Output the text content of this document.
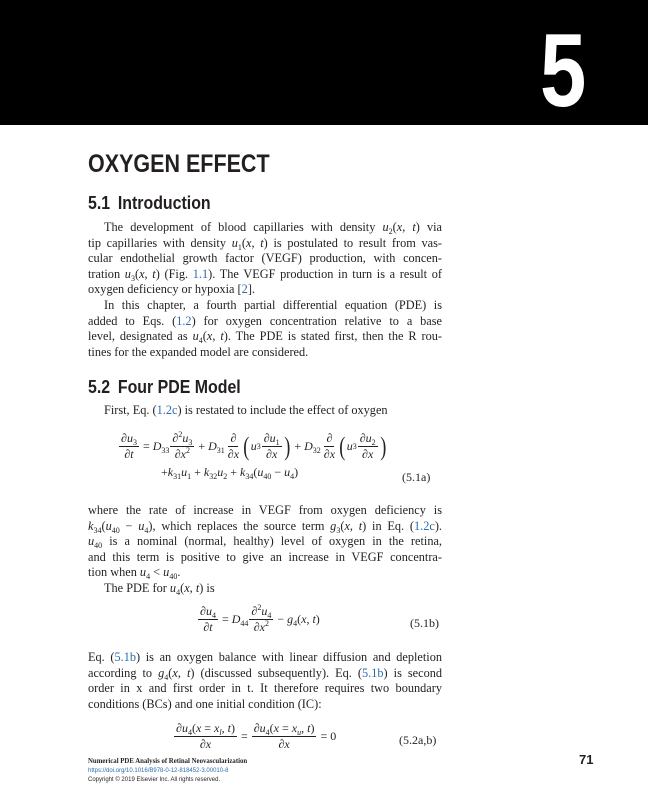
5
OXYGEN EFFECT
5.1 Introduction
The development of blood capillaries with density $u_2(x$, t) via
tip capillaries with density $u_1(x$, t) is postulated to result from vas-
cular endothelial growth factor (VEGF) production, with concen-
tration $u_3(x$, t) (Fig. 1.1). The VEGF production in turn is a result of
oxygen deficiency or hypoxia [2].
In this chapter, a fourth partial differential equation (PDE) is
added to Eqs. (1.2) for oxygen concentration relative to a base
level, designated as $u_4(x$, t). The PDE is stated first, then the R rou-
tines for the expanded model are considered.
5.2 Four PDE Model
First, Eq. (1.2c) is restated to include the effect of oxygen
$\frac{\partial u_3}{\partial t} = D_{33} \frac{\partial^2u_3}{\partial x^2} + D_{31} \frac{\partial}{\partial x}$ ( u $3 \frac{\partial u_1}{\partial x}$ ) + $D_{32} \frac{\partial}{\partial x}$ ( u $3 \frac{\partial u_2}{\partial x}$ )
$+k_{31}u_1 + k_{32}u_2 + k_{34}(u_{40} - u_4)$	(5.1a)
where the rate of increase in VEGF from oxygen deficiency is
$k_{34}(u_{40} - u_4)$, which replaces the source term $g_3(x$, t) in Eq. (1.2c).
$u_{40}$ is a nominal (normal, healthy) level of oxygen in the retina,
and this term is positive to give an increase in VEGF concentra-
tion when $u_4 < u_{40}$.
The PDE for $u_4(x$, t) is
$\frac{\partial u_4}{\partial t} = D_{44} \frac{\partial^2u_4}{\partial x^2} - g_4(x$, t)	(5.1b)
Eq. (5.1b) is an oxygen balance with linear diffusion and depletion
according to $g_4(x$, t) (discussed subsequently). Eq. (5.1b) is second
order in x and first order in t. It therefore requires two boundary
conditions (BCs) and one initial condition (IC):
$\frac{\partial u_4(x = x_l, t)}{\partial x} = \frac{\partial u_4(x = x_u, t)}{\partial x} = 0$	(5.2a,b)
Numerical PDE Analysis of Retinal Neovascularization
https://doi.org/10.1016/B978-0-12-818452-3.00010-8
Copyright © 2019 Elsevier Inc. All rights reserved.
71
